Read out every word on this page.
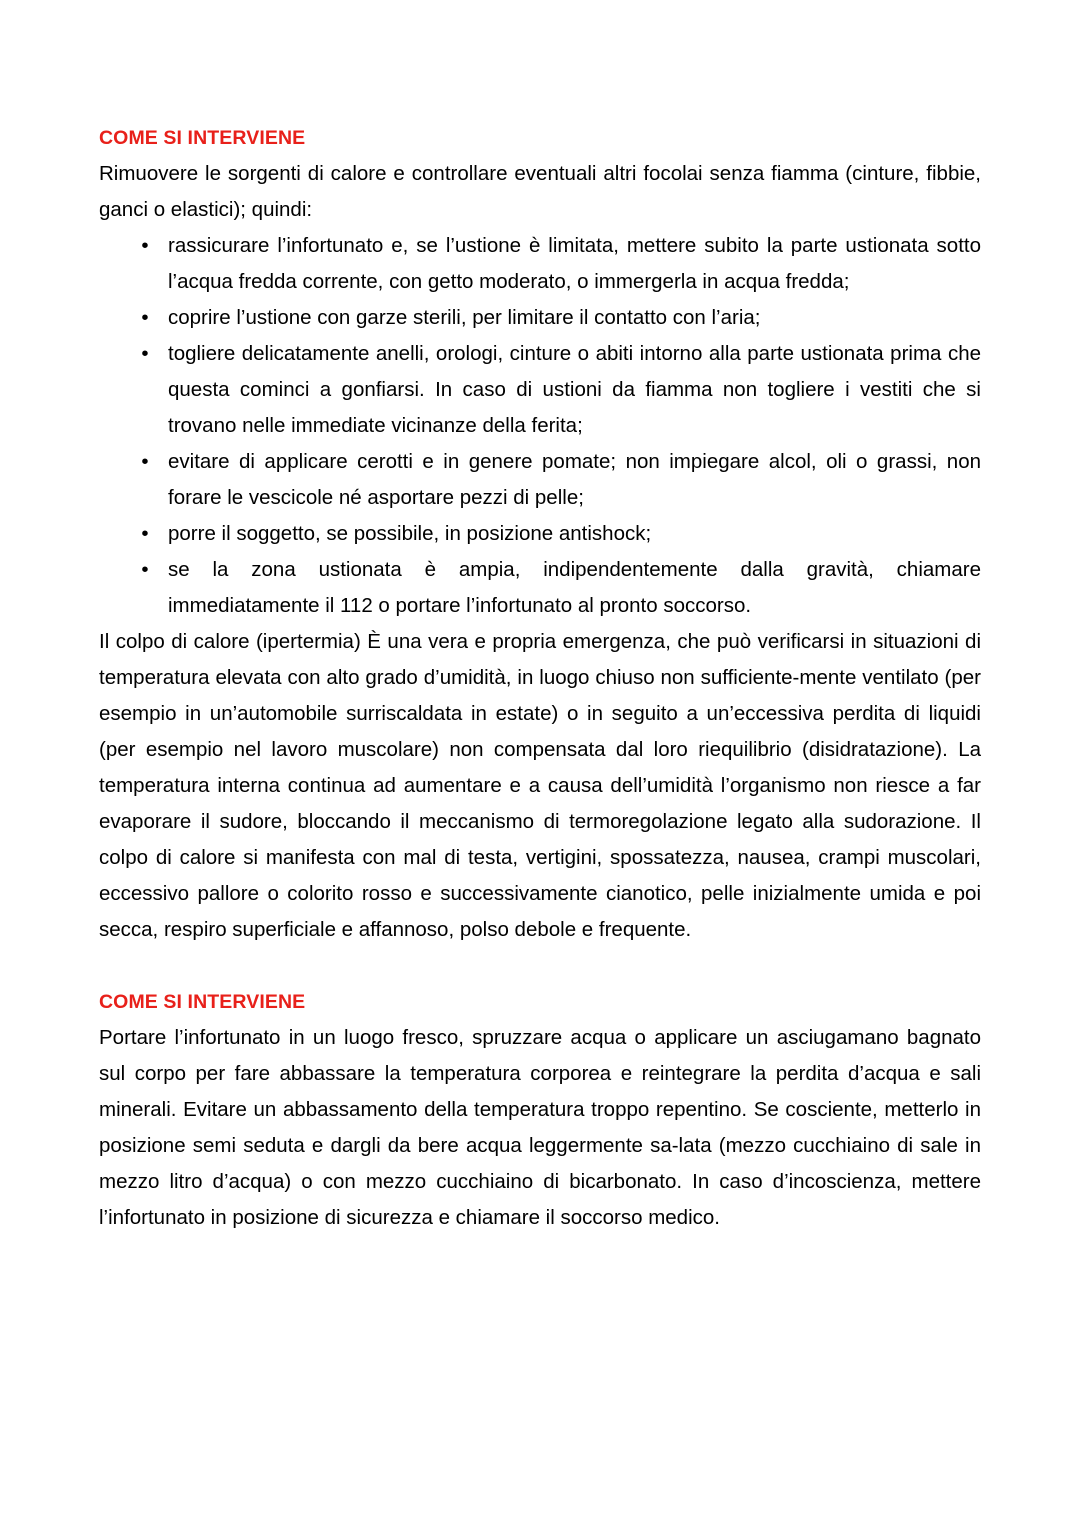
COME SI INTERVIENE

Rimuovere le sorgenti di calore e controllare eventuali altri focolai senza fiamma (cinture, fibbie, ganci o elastici); quindi:

• rassicurare l’infortunato e, se l’ustione è limitata, mettere subito la parte ustionata sotto l’acqua fredda corrente, con getto moderato, o immergerla in acqua fredda;
• coprire l’ustione con garze sterili, per limitare il contatto con l’aria;
• togliere delicatamente anelli, orologi, cinture o abiti intorno alla parte ustionata prima che questa cominci a gonfiarsi. In caso di ustioni da fiamma non togliere i vestiti che si trovano nelle immediate vicinanze della ferita;
• evitare di applicare cerotti e in genere pomate; non impiegare alcol, oli o grassi, non forare le vescicole né asportare pezzi di pelle;
• porre il soggetto, se possibile, in posizione antishock;
• se la zona ustionata è ampia, indipendentemente dalla gravità, chiamare immediatamente il 112 o portare l’infortunato al pronto soccorso.

Il colpo di calore (ipertermia) È una vera e propria emergenza, che può verificarsi in situazioni di temperatura elevata con alto grado d’umidità, in luogo chiuso non sufficiente-mente ventilato (per esempio in un’automobile surriscaldata in estate) o in seguito a un’eccessiva perdita di liquidi (per esempio nel lavoro muscolare) non compensata dal loro riequilibrio (disidratazione). La temperatura interna continua ad aumentare e a causa dell’umidità l’organismo non riesce a far evaporare il sudore, bloccando il meccanismo di termoregolazione legato alla sudorazione. Il colpo di calore si manifesta con mal di testa, vertigini, spossatezza, nausea, crampi muscolari, eccessivo pallore o colorito rosso e successivamente cianotico, pelle inizialmente umida e poi secca, respiro superficiale e affannoso, polso debole e frequente.

COME SI INTERVIENE

Portare l’infortunato in un luogo fresco, spruzzare acqua o applicare un asciugamano bagnato sul corpo per fare abbassare la temperatura corporea e reintegrare la perdita d’acqua e sali minerali. Evitare un abbassamento della temperatura troppo repentino. Se cosciente, metterlo in posizione semi seduta e dargli da bere acqua leggermente sa-lata (mezzo cucchiaino di sale in mezzo litro d’acqua) o con mezzo cucchiaino di bicarbonato. In caso d’incoscienza, mettere l’infortunato in posizione di sicurezza e chiamare il soccorso medico.
